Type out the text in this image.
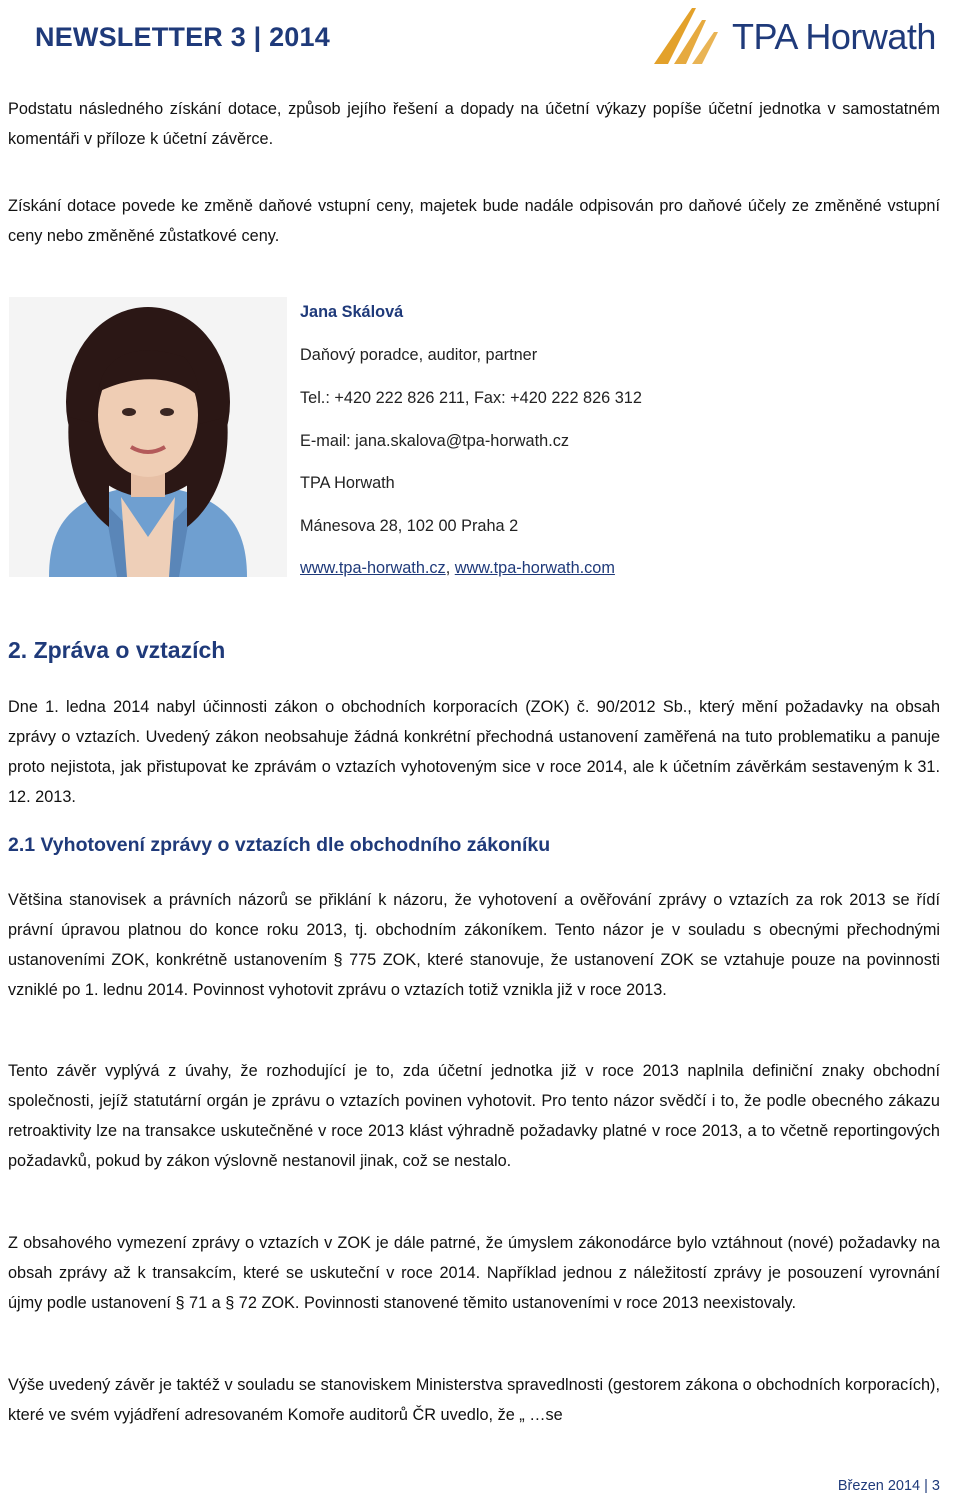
NEWSLETTER 3 | 2014	TPA Horwath

Podstatu následného získání dotace, způsob jejího řešení a dopady na účetní výkazy popíše účetní jednotka v samostatném komentáři v příloze k účetní závěrce.

Získání dotace povede ke změně daňové vstupní ceny, majetek bude nadále odpisován pro daňové účely ze změněné vstupní ceny nebo změněné zůstatkové ceny.

Jana Skálová
Daňový poradce, auditor, partner
Tel.: +420 222 826 211, Fax: +420 222 826 312
E-mail: jana.skalova@tpa-horwath.cz
TPA Horwath
Mánesova 28, 102 00 Praha 2
www.tpa-horwath.cz, www.tpa-horwath.com
2. Zpráva o vztazích

Dne 1. ledna 2014 nabyl účinnosti zákon o obchodních korporacích (ZOK) č. 90/2012 Sb., který mění požadavky na obsah zprávy o vztazích. Uvedený zákon neobsahuje žádná konkrétní přechodná ustanovení zaměřená na tuto problematiku a panuje proto nejistota, jak přistupovat ke zprávám o vztazích vyhotoveným sice v roce 2014, ale k účetním závěrkám sestaveným k 31. 12. 2013.

2.1 Vyhotovení zprávy o vztazích dle obchodního zákoníku

Většina stanovisek a právních názorů se přiklání k názoru, že vyhotovení a ověřování zprávy o vztazích za rok 2013 se řídí právní úpravou platnou do konce roku 2013, tj. obchodním zákoníkem. Tento názor je v souladu s obecnými přechodnými ustanoveními ZOK, konkrétně ustanovením § 775 ZOK, které stanovuje, že ustanovení ZOK se vztahuje pouze na povinnosti vzniklé po 1. lednu 2014. Povinnost vyhotovit zprávu o vztazích totiž vznikla již v roce 2013.

Tento závěr vyplývá z úvahy, že rozhodující je to, zda účetní jednotka již v roce 2013 naplnila definiční znaky obchodní společnosti, jejíž statutární orgán je zprávu o vztazích povinen vyhotovit. Pro tento názor svědčí i to, že podle obecného zákazu retroaktivity lze na transakce uskutečněné v roce 2013 klást výhradně požadavky platné v roce 2013, a to včetně reportingových požadavků, pokud by zákon výslovně nestanovil jinak, což se nestalo.

Z obsahového vymezení zprávy o vztazích v ZOK je dále patrné, že úmyslem zákonodárce bylo vztáhnout (nové) požadavky na obsah zprávy až k transakcím, které se uskuteční v roce 2014. Například jednou z náležitostí zprávy je posouzení vyrovnání újmy podle ustanovení § 71 a § 72 ZOK. Povinnosti stanovené těmito ustanoveními v roce 2013 neexistovaly.

Výše uvedený závěr je taktéž v souladu se stanoviskem Ministerstva spravedlnosti (gestorem zákona o obchodních korporacích), které ve svém vyjádření adresovaném Komoře auditorů ČR uvedlo, že „ …se

Březen 2014 | 3
